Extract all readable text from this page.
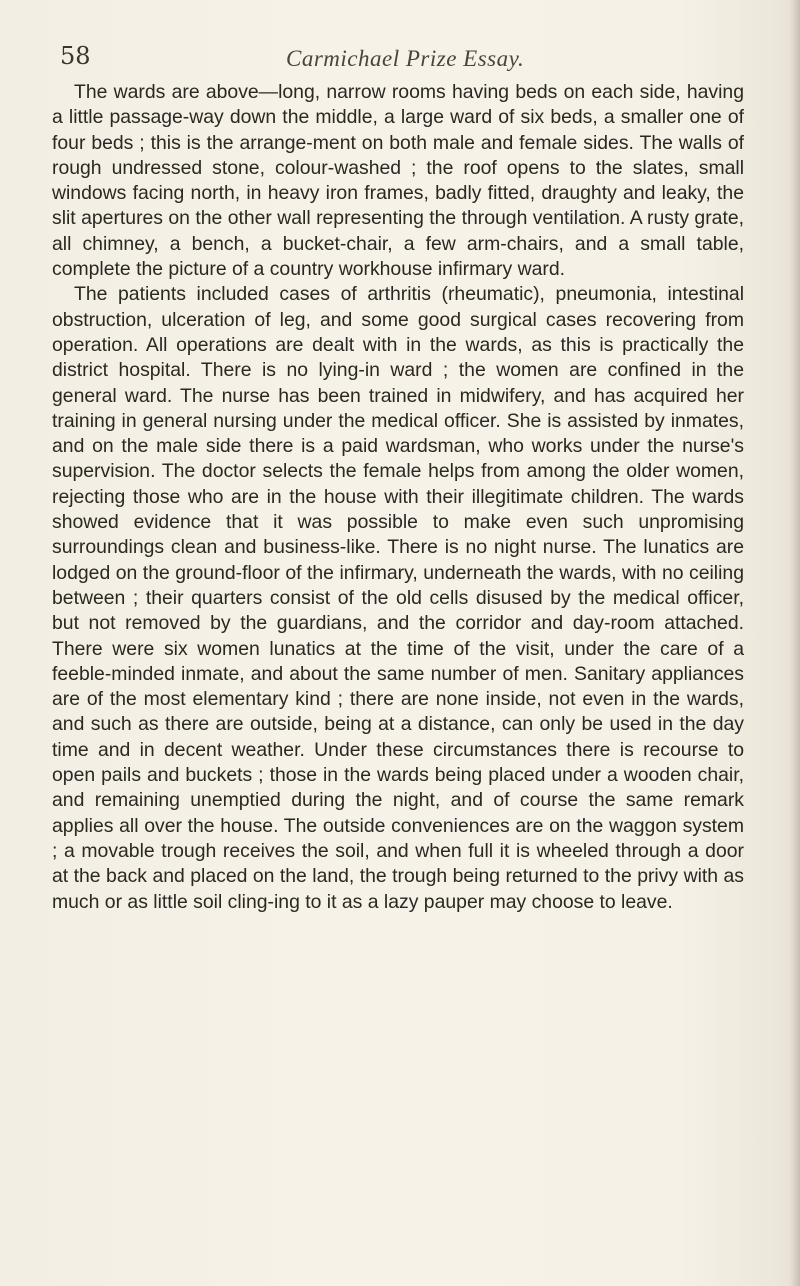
58	Carmichael Prize Essay.

The wards are above—long, narrow rooms having beds on each side, having a little passage-way down the middle, a large ward of six beds, a smaller one of four beds ; this is the arrange-ment on both male and female sides. The walls of rough undressed stone, colour-washed ; the roof opens to the slates, small windows facing north, in heavy iron frames, badly fitted, draughty and leaky, the slit apertures on the other wall representing the through ventilation. A rusty grate, all chimney, a bench, a bucket-chair, a few arm-chairs, and a small table, complete the picture of a country workhouse infirmary ward.

The patients included cases of arthritis (rheumatic), pneumonia, intestinal obstruction, ulceration of leg, and some good surgical cases recovering from operation. All operations are dealt with in the wards, as this is practically the district hospital. There is no lying-in ward ; the women are confined in the general ward. The nurse has been trained in midwifery, and has acquired her training in general nursing under the medical officer. She is assisted by inmates, and on the male side there is a paid wardsman, who works under the nurse's supervision. The doctor selects the female helps from among the older women, rejecting those who are in the house with their illegitimate children. The wards showed evidence that it was possible to make even such unpromising surroundings clean and business-like. There is no night nurse. The lunatics are lodged on the ground-floor of the infirmary, underneath the wards, with no ceiling between ; their quarters consist of the old cells disused by the medical officer, but not removed by the guardians, and the corridor and day-room attached. There were six women lunatics at the time of the visit, under the care of a feeble-minded inmate, and about the same number of men. Sanitary appliances are of the most elementary kind ; there are none inside, not even in the wards, and such as there are outside, being at a distance, can only be used in the day time and in decent weather. Under these circumstances there is recourse to open pails and buckets ; those in the wards being placed under a wooden chair, and remaining unemptied during the night, and of course the same remark applies all over the house. The outside conveniences are on the waggon system ; a movable trough receives the soil, and when full it is wheeled through a door at the back and placed on the land, the trough being returned to the privy with as much or as little soil cling-ing to it as a lazy pauper may choose to leave.
